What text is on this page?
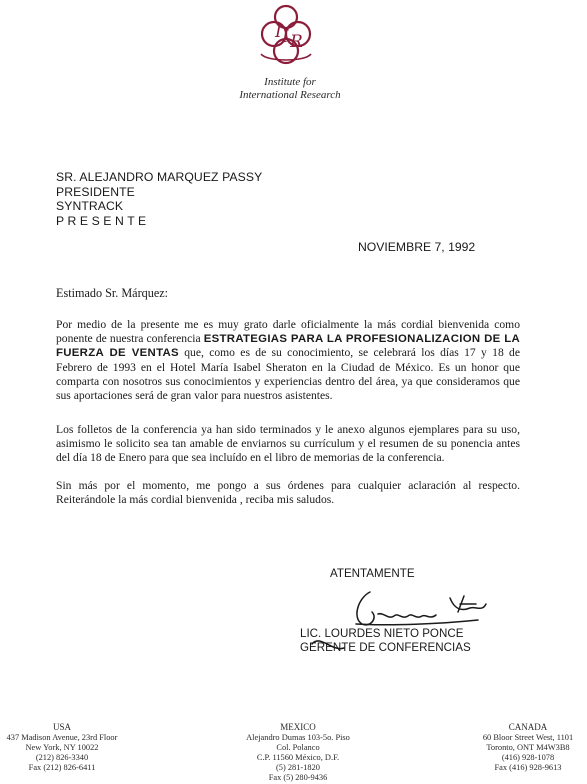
I I R
Institute for
International Research
SR. ALEJANDRO MARQUEZ PASSY
PRESIDENTE
SYNTRACK
P R E S E N T E
NOVIEMBRE 7, 1992
Estimado Sr. Márquez:
Por medio de la presente me es muy grato darle oficialmente la más cordial bienvenida como ponente de nuestra conferencia ESTRATEGIAS PARA LA PROFESIONALIZACION DE LA FUERZA DE VENTAS que, como es de su conocimiento, se celebrará los días 17 y 18 de Febrero de 1993 en el Hotel María Isabel Sheraton en la Ciudad de México. Es un honor que comparta con nosotros sus conocimientos y experiencias dentro del área, ya que consideramos que sus aportaciones será de gran valor para nuestros asistentes.
Los folletos de la conferencia ya han sido terminados y le anexo algunos ejemplares para su uso, asimismo le solicito sea tan amable de enviarnos su currículum y el resumen de su ponencia antes del día 18 de Enero para que sea incluído en el libro de memorias de la conferencia.
Sin más por el momento, me pongo a sus órdenes para cualquier aclaración al respecto. Reiterándole la más cordial bienvenida , reciba mis saludos.
ATENTAMENTE
LIC. LOURDES NIETO PONCE
GERENTE DE CONFERENCIAS
USA
437 Madison Avenue, 23rd Floor
New York, NY 10022
(212) 826-3340
Fax (212) 826-6411
MEXICO
Alejandro Dumas 103-5o. Piso
Col. Polanco
C.P. 11560 México, D.F.
(5) 281-1820
Fax (5) 280-9436
CANADA
60 Bloor Street West, 1101
Toronto, ONT M4W3B8
(416) 928-1078
Fax (416) 928-9613
